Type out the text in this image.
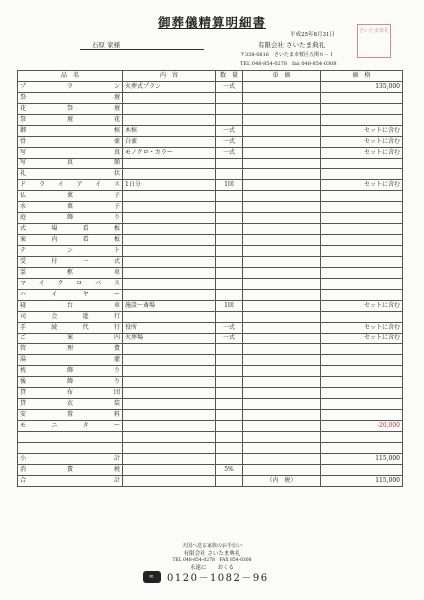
御葬儀精算明細書
平成25年8月31日
石原 家様	有限会社 さいたま典礼
〒338-0816　さいたま市桜区五関６－１
TEL 048-854-0278　fax 048-854-0308
さいたま典礼
品　名	内　容	数　量	単　価	価　格
プラン	火葬式プラン	一式		135,000
祭壇				
花祭壇				
祭壇花				
御棺	木棺	一式		セットに含む
骨壷	白壷	一式		セットに含む
写真	モノクロ・カラー	一式		セットに含む
写真額				
礼状				
ドライアイス	1日分	1回		セットに含む
仏菓子				
水菓子				
庭飾り				
式場看板				
案内看板				
テント				
受付一式				
霊柩車				
マイクロバス				
ハイヤー				
寝台車	施設～斎場	1回		セットに含む
司会進行				
手続代行	役所	一式		セットに含む
ご案内	火葬場	一式		セットに含む
管理費				
湯灌				
枕飾り				
後飾り				
貸布団				
貸衣装				
安置料				
モニター				-20,000

小計				115,000
消費税		5%		
合計			（内　税）	115,000
天国へ送る家族のお手伝い
有限会社 さいたま典礼
TEL 048-854-0278　FAX 854-0308
永遠に　　おくる
∞	0120－1082－96
